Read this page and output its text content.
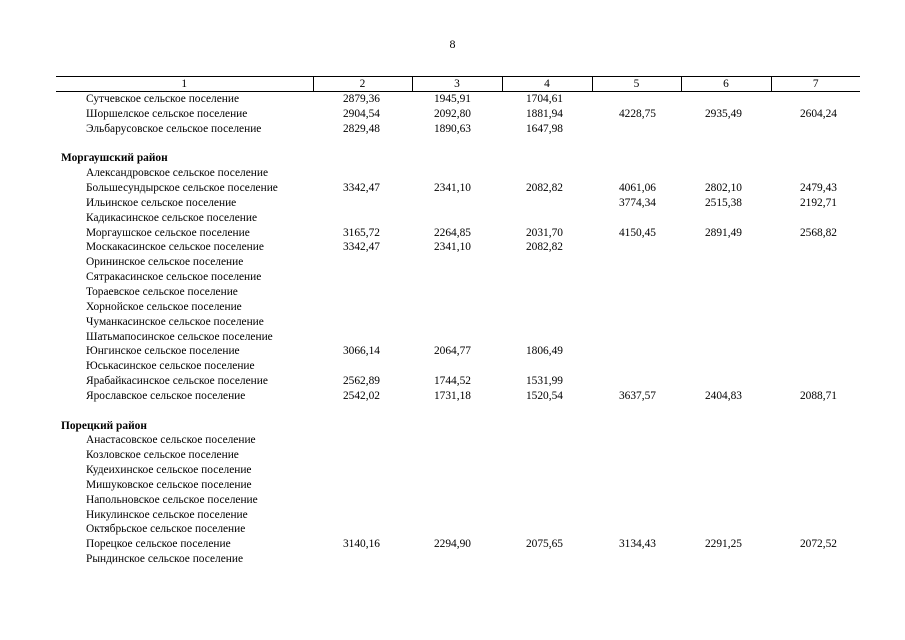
8
1	2	3	4	5	6	7
Сутчевское сельское поселение	2879,36	1945,91	1704,61			
Шоршелское сельское поселение	2904,54	2092,80	1881,94	4228,75	2935,49	2604,24
Эльбарусовское сельское поселение	2829,48	1890,63	1647,98			

Моргаушский район						
Александровское сельское поселение						
Большесундырское сельское поселение	3342,47	2341,10	2082,82	4061,06	2802,10	2479,43
Ильинское сельское поселение				3774,34	2515,38	2192,71
Кадикасинское сельское поселение						
Моргаушское сельское поселение	3165,72	2264,85	2031,70	4150,45	2891,49	2568,82
Москакасинское сельское поселение	3342,47	2341,10	2082,82			
Орининское сельское поселение						
Сятракасинское сельское поселение						
Тораевское сельское поселение						
Хорнойское сельское поселение						
Чуманкасинское сельское поселение						
Шатьмапосинское сельское поселение						
Юнгинское сельское поселение	3066,14	2064,77	1806,49			
Юськасинское сельское поселение						
Ярабайкасинское сельское поселение	2562,89	1744,52	1531,99			
Ярославское сельское поселение	2542,02	1731,18	1520,54	3637,57	2404,83	2088,71

Порецкий район						
Анастасовское сельское поселение						
Козловское сельское поселение						
Кудеихинское сельское поселение						
Мишуковское сельское поселение						
Напольновское сельское поселение						
Никулинское сельское поселение						
Октябрьское сельское поселение						
Порецкое сельское поселение	3140,16	2294,90	2075,65	3134,43	2291,25	2072,52
Рындинское сельское поселение						
